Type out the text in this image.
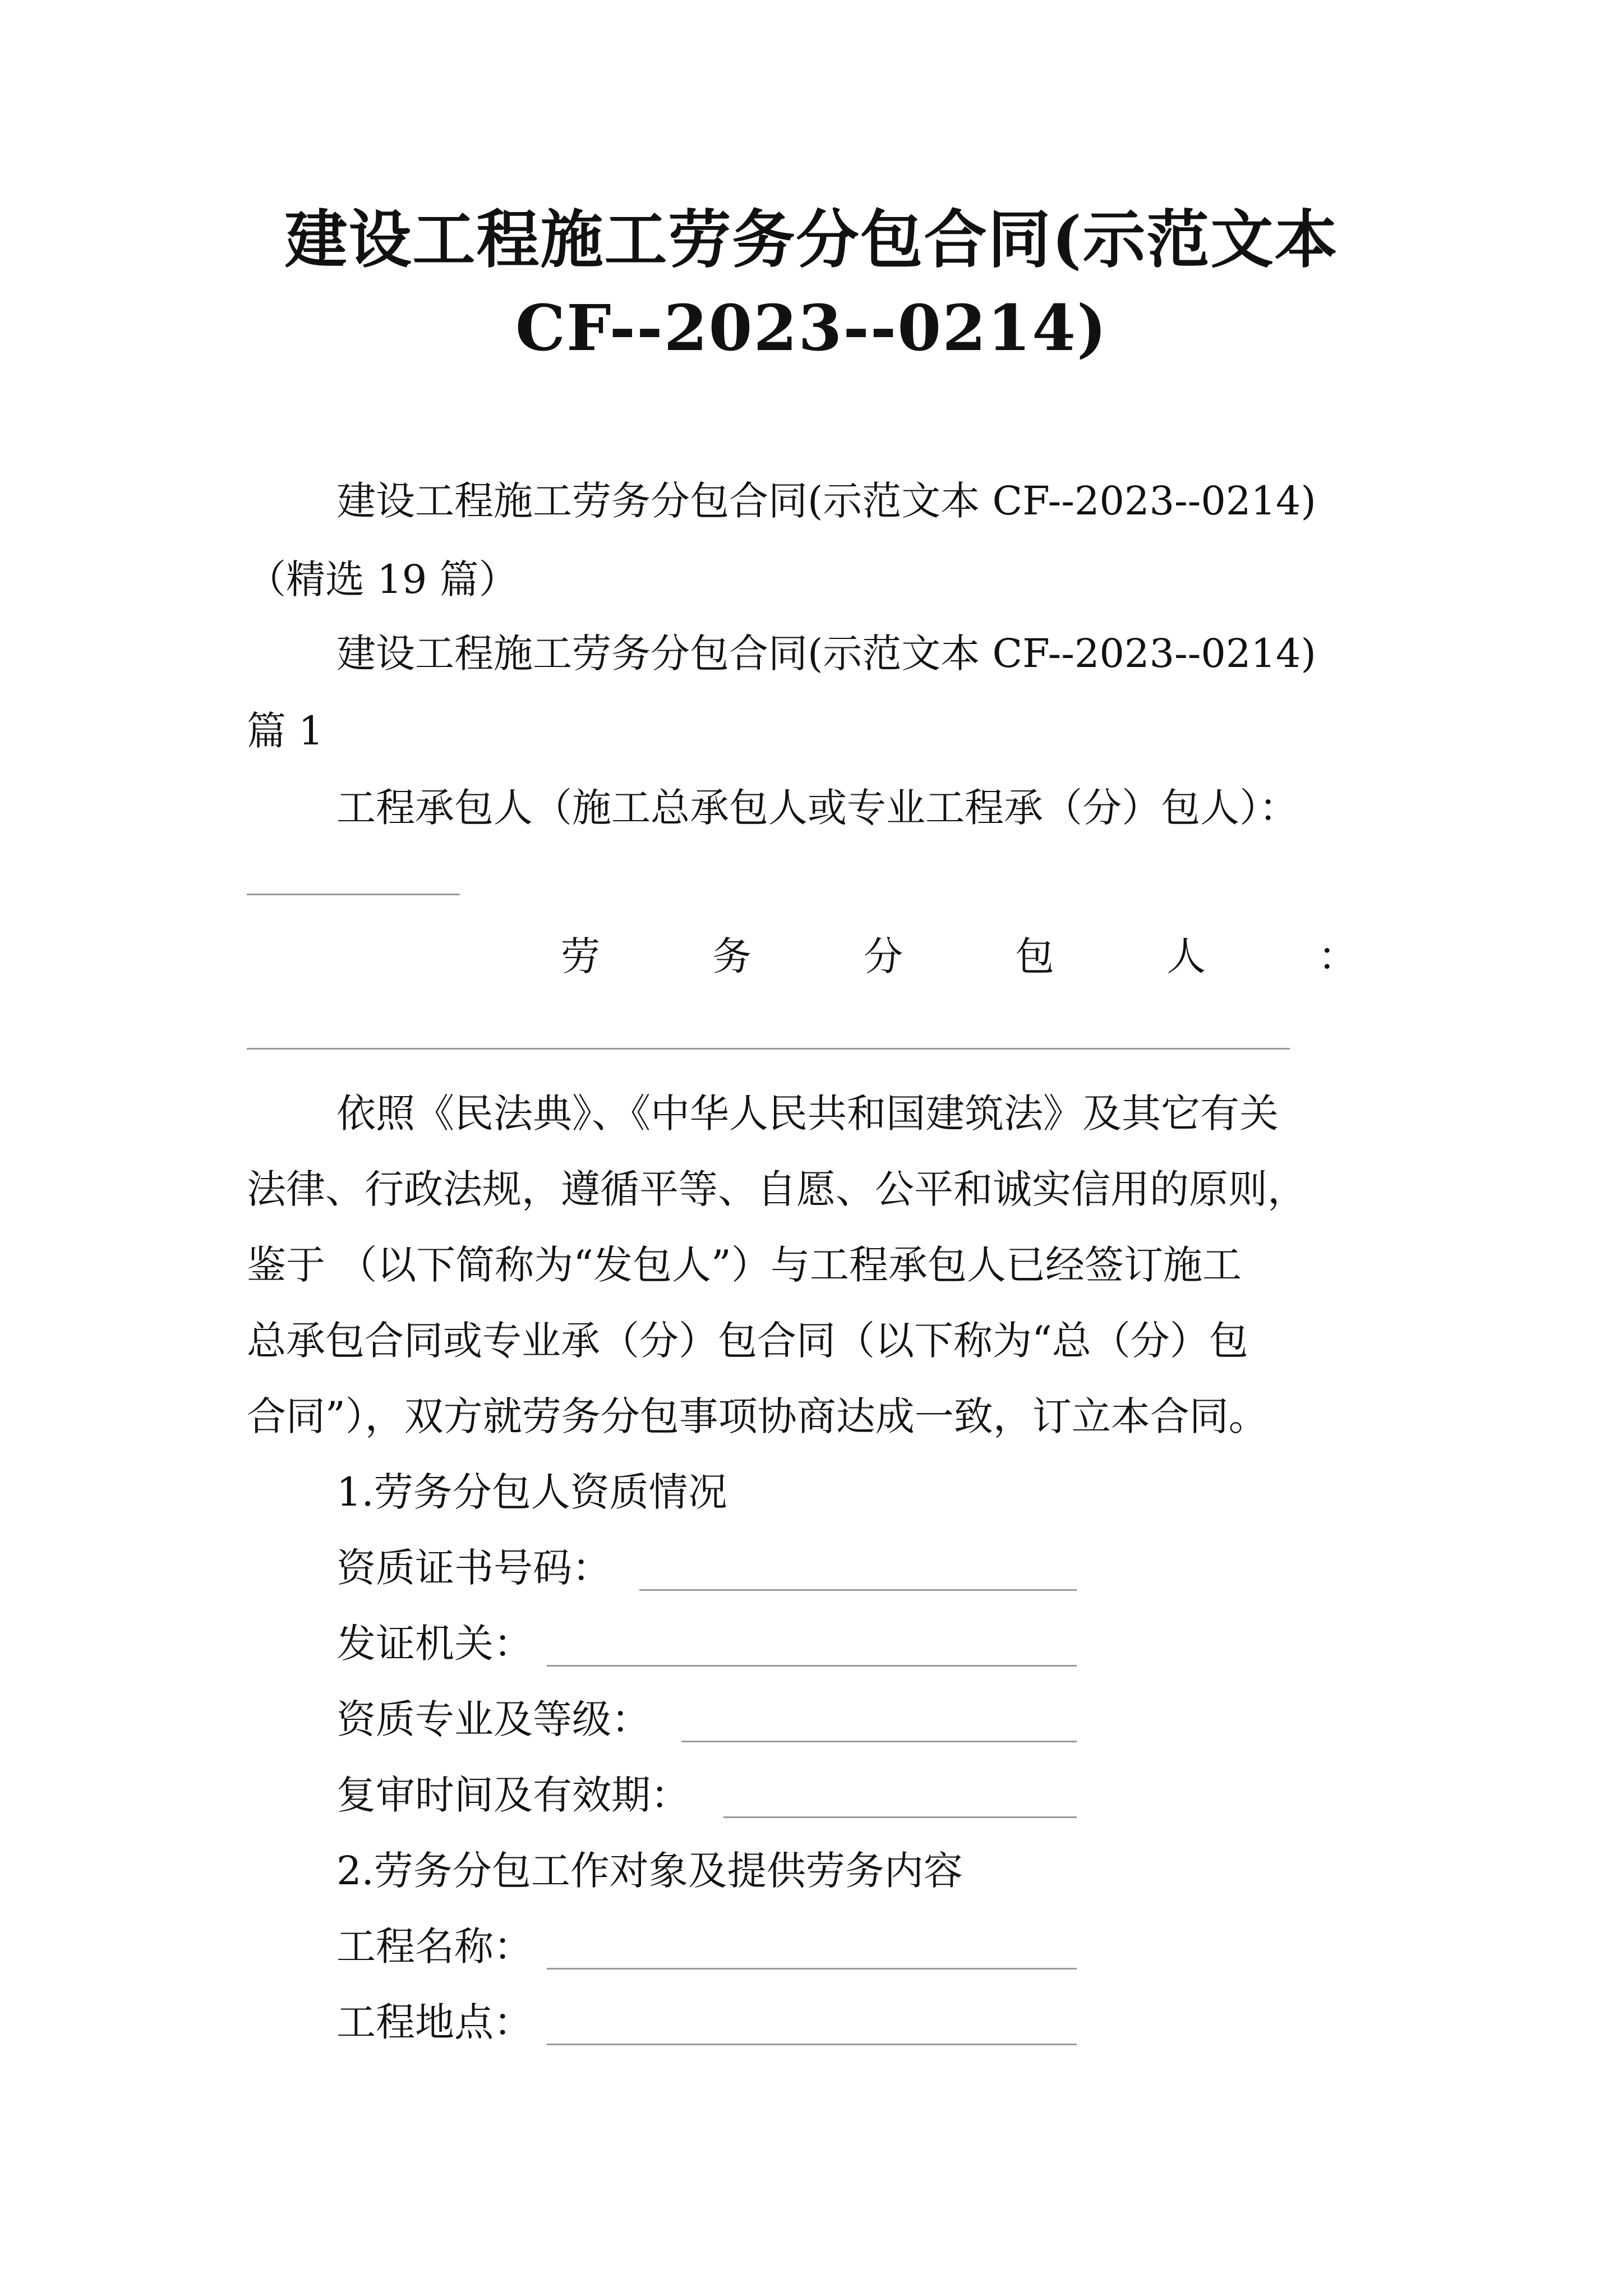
建设工程施工劳务分包合同(示范文本
CF--2023--0214)
建设工程施工劳务分包合同(示范文本 CF--2023--0214)
（精选 19 篇）
建设工程施工劳务分包合同(示范文本 CF--2023--0214)
篇 1
工程承包人（施工总承包人或专业工程承（分）包人）：
劳	务	分	包	人	：
依照《民法典》、《中华人民共和国建筑法》及其它有关
法律、行政法规，遵循平等、自愿、公平和诚实信用的原则，
鉴于 （以下简称为“发包人”）与工程承包人已经签订施工
总承包合同或专业承（分）包合同（以下称为“总（分）包
合同”），双方就劳务分包事项协商达成一致，订立本合同。
1.劳务分包人资质情况
资质证书号码：
发证机关：
资质专业及等级：
复审时间及有效期：
2.劳务分包工作对象及提供劳务内容
工程名称：
工程地点：
